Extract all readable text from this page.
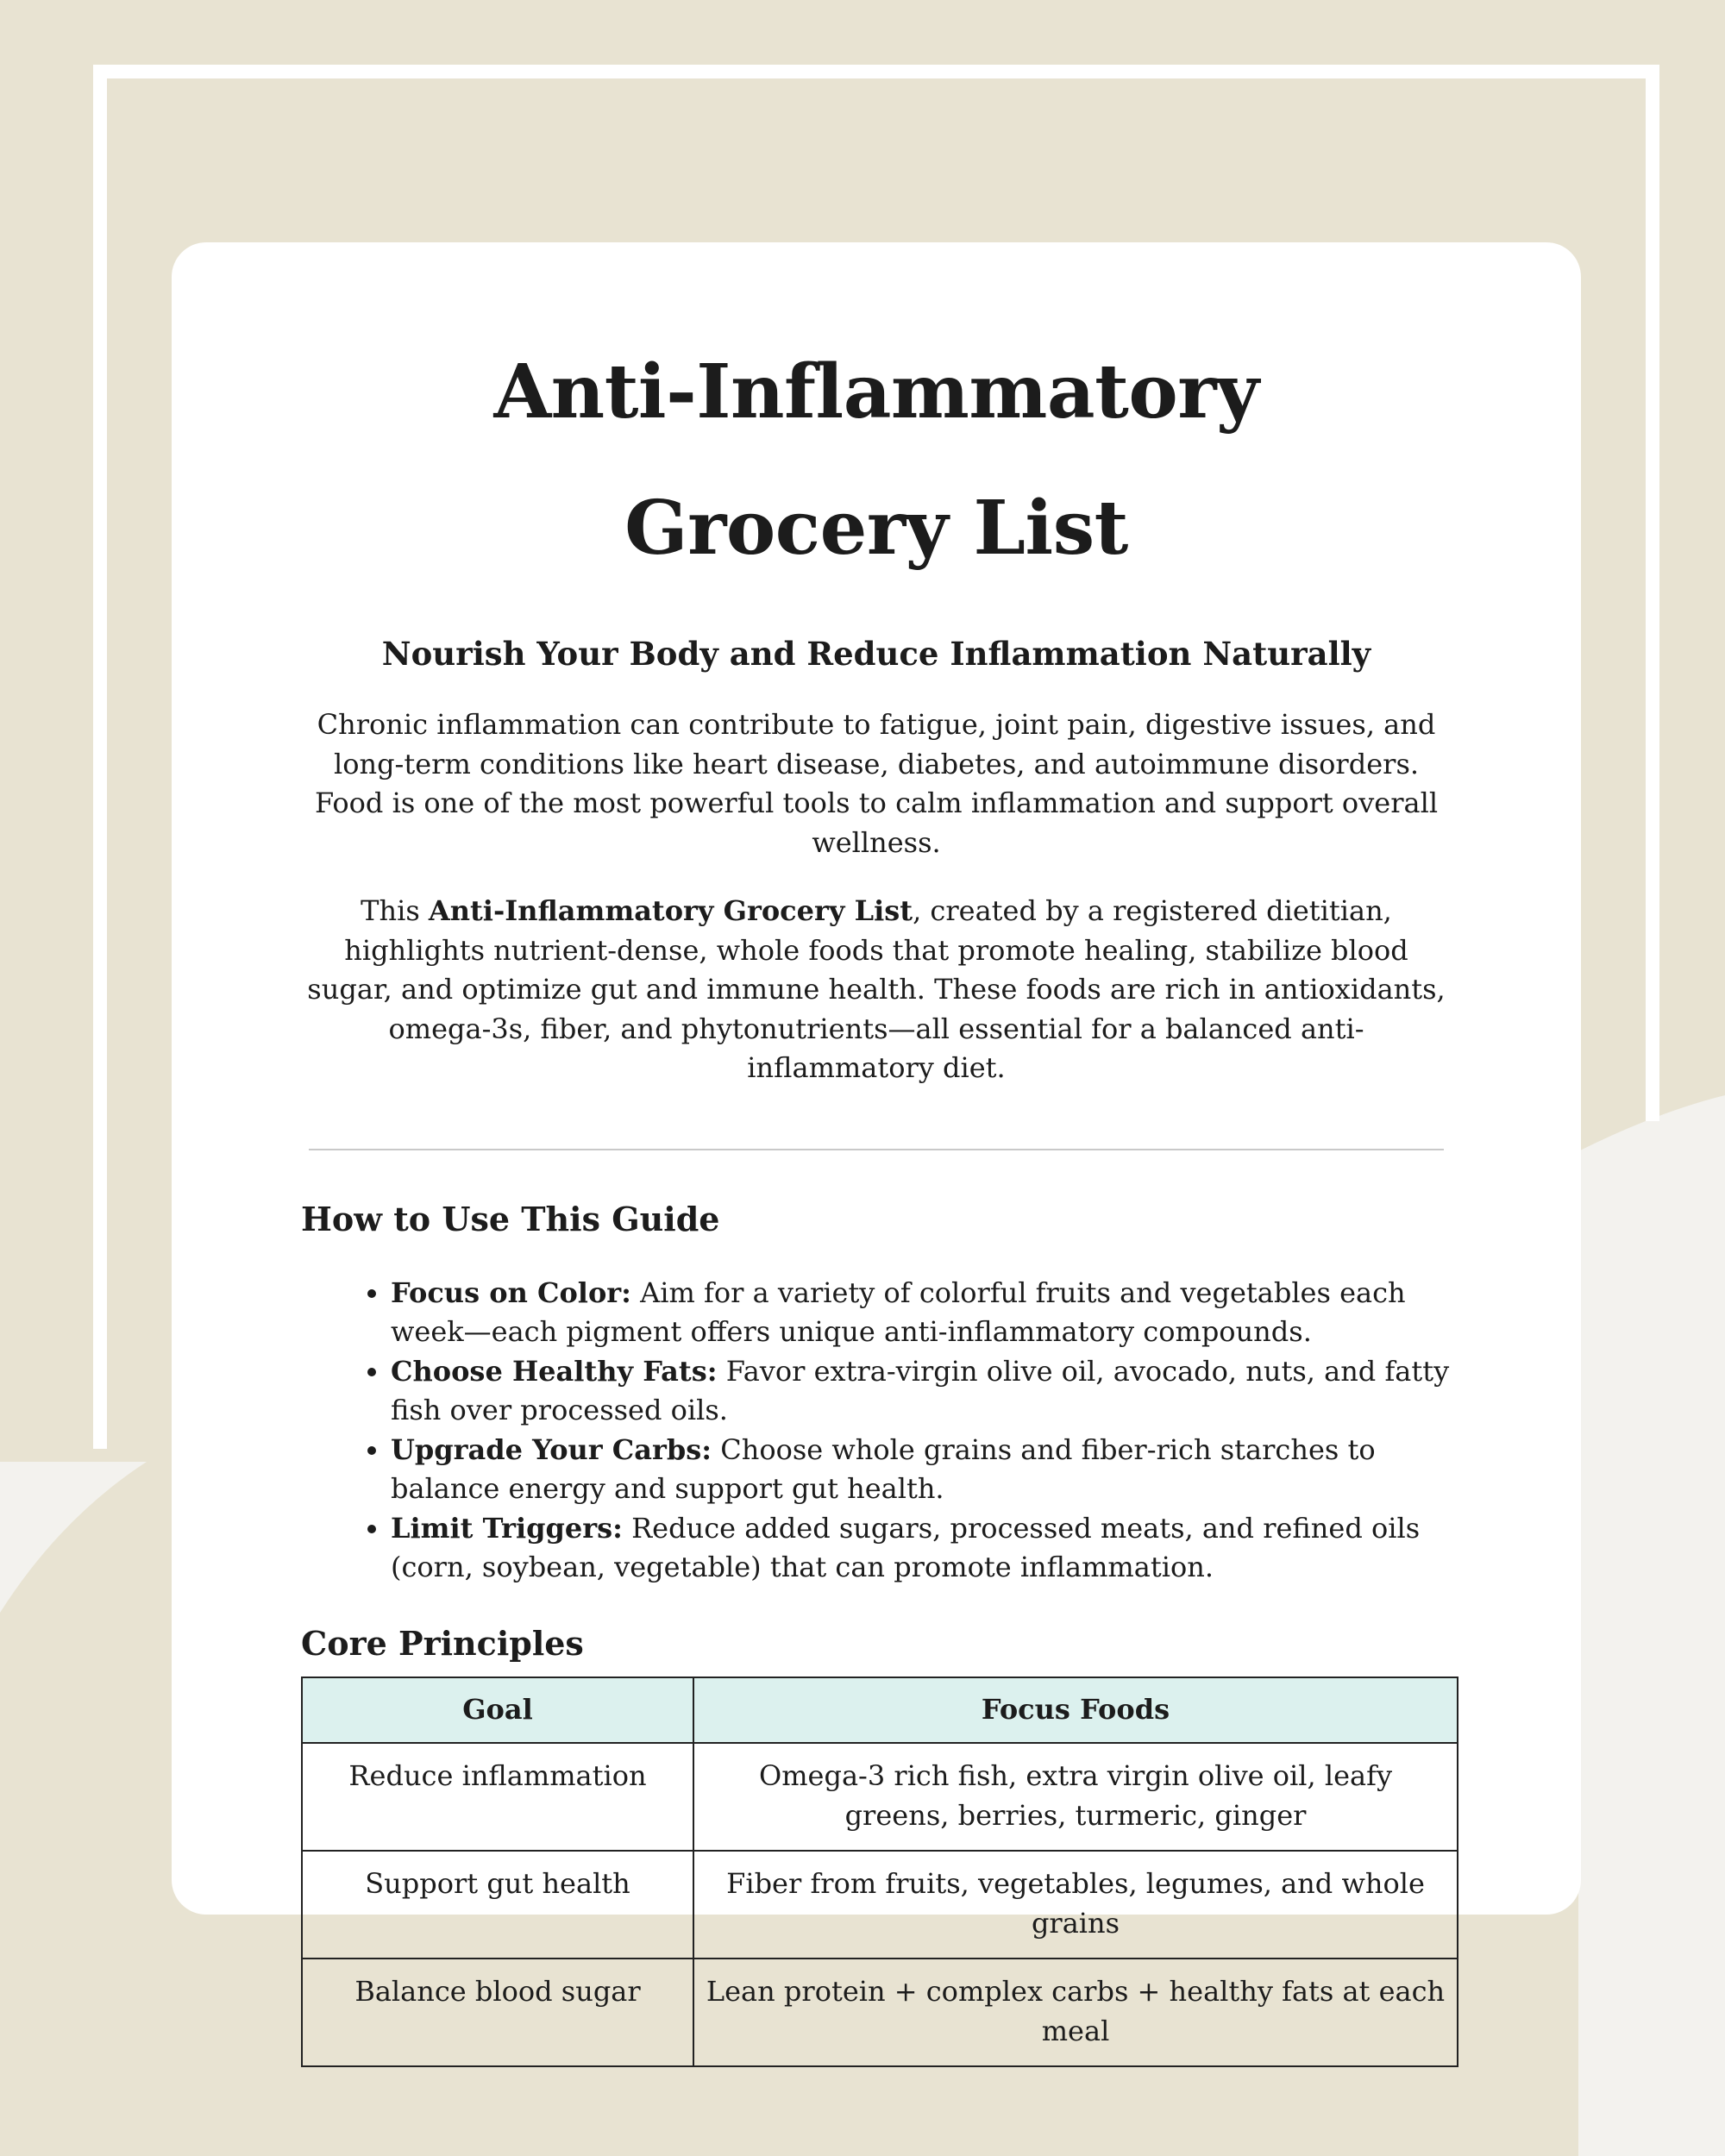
Anti-Inflammatory
Grocery List
Nourish Your Body and Reduce Inflammation Naturally

Chronic inflammation can contribute to fatigue, joint pain, digestive issues, and long-term conditions like heart disease, diabetes, and autoimmune disorders. Food is one of the most powerful tools to calm inflammation and support overall wellness.

This Anti-Inflammatory Grocery List, created by a registered dietitian, highlights nutrient-dense, whole foods that promote healing, stabilize blood sugar, and optimize gut and immune health. These foods are rich in antioxidants, omega-3s, fiber, and phytonutrients—all essential for a balanced anti-inflammatory diet.

How to Use This Guide
• Focus on Color: Aim for a variety of colorful fruits and vegetables each week—each pigment offers unique anti-inflammatory compounds.
• Choose Healthy Fats: Favor extra-virgin olive oil, avocado, nuts, and fatty fish over processed oils.
• Upgrade Your Carbs: Choose whole grains and fiber-rich starches to balance energy and support gut health.
• Limit Triggers: Reduce added sugars, processed meats, and refined oils (corn, soybean, vegetable) that can promote inflammation.
Core Principles
Goal	Focus Foods
Reduce inflammation	Omega-3 rich fish, extra virgin olive oil, leafy greens, berries, turmeric, ginger
Support gut health	Fiber from fruits, vegetables, legumes, and whole grains
Balance blood sugar	Lean protein + complex carbs + healthy fats at each meal
